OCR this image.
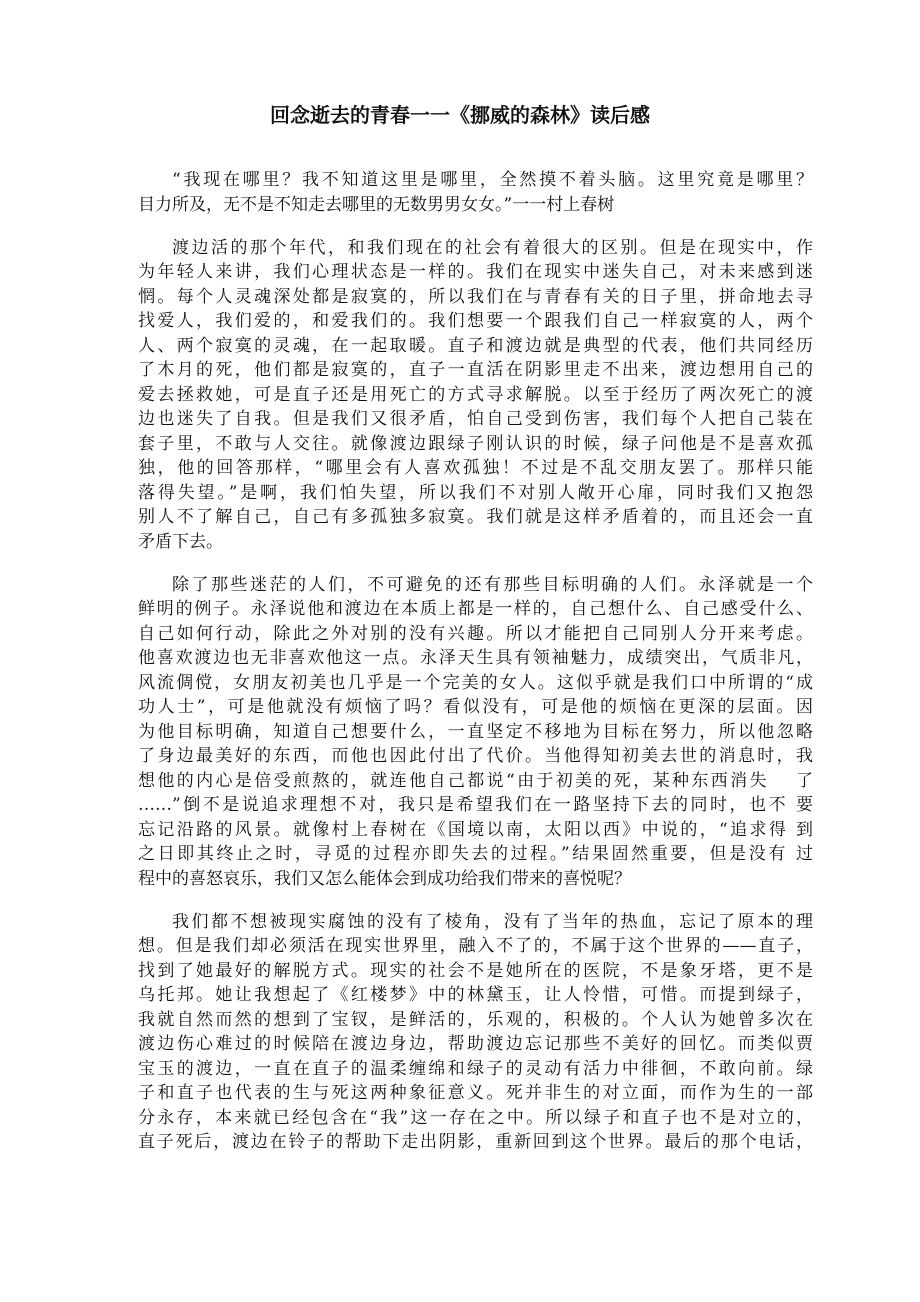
回念逝去的青春一一《挪威的森林》读后感
“我现在哪里？我不知道这里是哪里，全然摸不着头脑。这里究竟是哪里？
目力所及，无不是不知走去哪里的无数男男女女。”一一村上春树
渡边活的那个年代，和我们现在的社会有着很大的区别。但是在现实中，作
为年轻人来讲，我们心理状态是一样的。我们在现实中迷失自己，对未来感到迷
惘。每个人灵魂深处都是寂寞的，所以我们在与青春有关的日子里，拼命地去寻
找爱人，我们爱的，和爱我们的。我们想要一个跟我们自己一样寂寞的人，两个
人、两个寂寞的灵魂，在一起取暖。直子和渡边就是典型的代表，他们共同经历
了木月的死，他们都是寂寞的，直子一直活在阴影里走不出来，渡边想用自己的
爱去拯救她，可是直子还是用死亡的方式寻求解脱。以至于经历了两次死亡的渡
边也迷失了自我。但是我们又很矛盾，怕自己受到伤害，我们每个人把自己装在
套子里，不敢与人交往。就像渡边跟绿子刚认识的时候，绿子问他是不是喜欢孤
独，他的回答那样，“哪里会有人喜欢孤独！不过是不乱交朋友罢了。那样只能
落得失望。”是啊，我们怕失望，所以我们不对别人敞开心扉，同时我们又抱怨
别人不了解自己，自己有多孤独多寂寞。我们就是这样矛盾着的，而且还会一直
矛盾下去。
除了那些迷茫的人们，不可避免的还有那些目标明确的人们。永泽就是一个
鲜明的例子。永泽说他和渡边在本质上都是一样的，自己想什么、自己感受什么、
自己如何行动，除此之外对别的没有兴趣。所以才能把自己同别人分开来考虑。
他喜欢渡边也无非喜欢他这一点。永泽天生具有领袖魅力，成绩突出，气质非凡，
风流倜傥，女朋友初美也几乎是一个完美的女人。这似乎就是我们口中所谓的“成
功人士”，可是他就没有烦恼了吗？看似没有，可是他的烦恼在更深的层面。因
为他目标明确，知道自己想要什么，一直坚定不移地为目标在努力，所以他忽略
了身边最美好的东西，而他也因此付出了代价。当他得知初美去世的消息时，我
想他的内心是倍受煎熬的，就连他自己都说“由于初美的死，某种东西消失　 了
……”倒不是说追求理想不对，我只是希望我们在一路坚持下去的同时，也不 要
忘记沿路的风景。就像村上春树在《国境以南，太阳以西》中说的，“追求得 到
之日即其终止之时，寻觅的过程亦即失去的过程。”结果固然重要，但是没有 过
程中的喜怒哀乐，我们又怎么能体会到成功给我们带来的喜悦呢？
我们都不想被现实腐蚀的没有了棱角，没有了当年的热血，忘记了原本的理
想。但是我们却必须活在现实世界里，融入不了的，不属于这个世界的——直子，
找到了她最好的解脱方式。现实的社会不是她所在的医院，不是象牙塔，更不是
乌托邦。她让我想起了《红楼梦》中的林黛玉，让人怜惜，可惜。而提到绿子，
我就自然而然的想到了宝钗，是鲜活的，乐观的，积极的。个人认为她曾多次在
渡边伤心难过的时候陪在渡边身边，帮助渡边忘记那些不美好的回忆。而类似贾
宝玉的渡边，一直在直子的温柔缠绵和绿子的灵动有活力中徘徊，不敢向前。绿
子和直子也代表的生与死这两种象征意义。死并非生的对立面，而作为生的一部
分永存，本来就已经包含在“我”这一存在之中。所以绿子和直子也不是对立的，
直子死后，渡边在铃子的帮助下走出阴影，重新回到这个世界。最后的那个电话，
